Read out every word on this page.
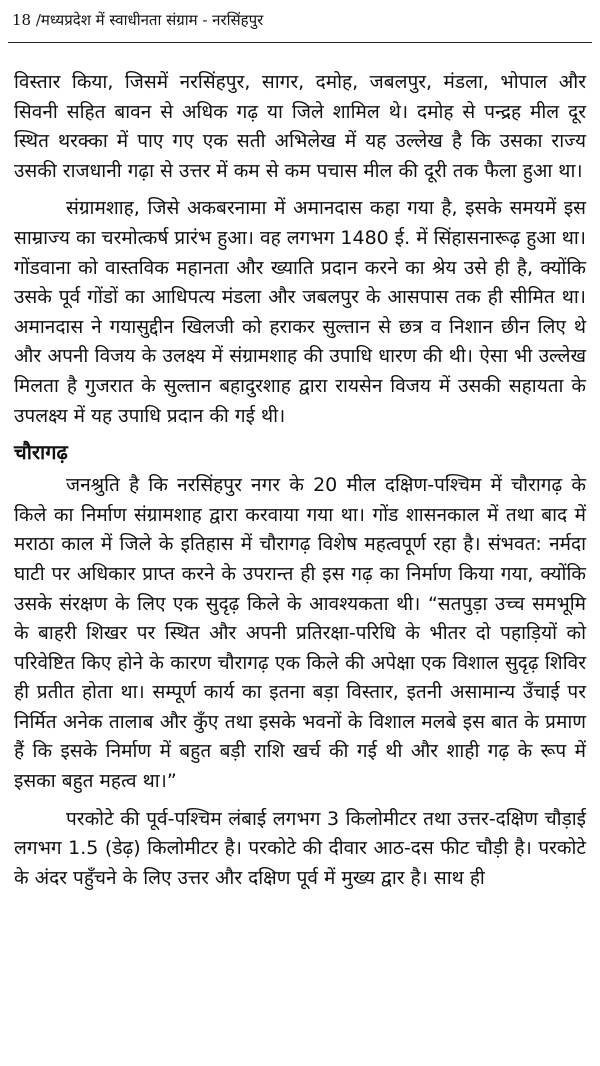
18 /मध्यप्रदेश में स्वाधीनता संग्राम - नरसिंहपुर

विस्तार किया, जिसमें नरसिंहपुर, सागर, दमोह, जबलपुर, मंडला, भोपाल और सिवनी सहित बावन से अधिक गढ़ या जिले शामिल थे। दमोह से पन्द्रह मील दूर स्थित थरक्का में पाए गए एक सती अभिलेख में यह उल्लेख है कि उसका राज्य उसकी राजधानी गढ़ा से उत्तर में कम से कम पचास मील की दूरी तक फैला हुआ था।

संग्रामशाह, जिसे अकबरनामा में अमानदास कहा गया है, इसके समयमें इस साम्राज्य का चरमोत्कर्ष प्रारंभ हुआ। वह लगभग 1480 ई. में सिंहासनारूढ़ हुआ था। गोंडवाना को वास्तविक महानता और ख्याति प्रदान करने का श्रेय उसे ही है, क्योंकि उसके पूर्व गोंडों का आधिपत्य मंडला और जबलपुर के आसपास तक ही सीमित था। अमानदास ने गयासुद्दीन खिलजी को हराकर सुल्तान से छत्र व निशान छीन लिए थे और अपनी विजय के उलक्ष्य में संग्रामशाह की उपाधि धारण की थी। ऐसा भी उल्लेख मिलता है गुजरात के सुल्तान बहादुरशाह द्वारा रायसेन विजय में उसकी सहायता के उपलक्ष्य में यह उपाधि प्रदान की गई थी।

चौरागढ़

जनश्रुति है कि नरसिंहपुर नगर के 20 मील दक्षिण-पश्चिम में चौरागढ़ के किले का निर्माण संग्रामशाह द्वारा करवाया गया था। गोंड शासनकाल में तथा बाद में मराठा काल में जिले के इतिहास में चौरागढ़ विशेष महत्वपूर्ण रहा है। संभवत: नर्मदा घाटी पर अधिकार प्राप्त करने के उपरान्त ही इस गढ़ का निर्माण किया गया, क्योंकि उसके संरक्षण के लिए एक सुदृढ़ किले के आवश्यकता थी। “सतपुड़ा उच्च समभूमि के बाहरी शिखर पर स्थित और अपनी प्रतिरक्षा-परिधि के भीतर दो पहाड़ियों को परिवेष्टित किए होने के कारण चौरागढ़ एक किले की अपेक्षा एक विशाल सुदृढ़ शिविर ही प्रतीत होता था। सम्पूर्ण कार्य का इतना बड़ा विस्तार, इतनी असामान्य उँचाई पर निर्मित अनेक तालाब और कुँए तथा इसके भवनों के विशाल मलबे इस बात के प्रमाण हैं कि इसके निर्माण में बहुत बड़ी राशि खर्च की गई थी और शाही गढ़ के रूप में इसका बहुत महत्व था।”

परकोटे की पूर्व-पश्चिम लंबाई लगभग 3 किलोमीटर तथा उत्तर-दक्षिण चौड़ाई लगभग 1.5 (डेढ़) किलोमीटर है। परकोटे की दीवार आठ-दस फीट चौड़ी है। परकोटे के अंदर पहुँचने के लिए उत्तर और दक्षिण पूर्व में मुख्य द्वार है। साथ ही
